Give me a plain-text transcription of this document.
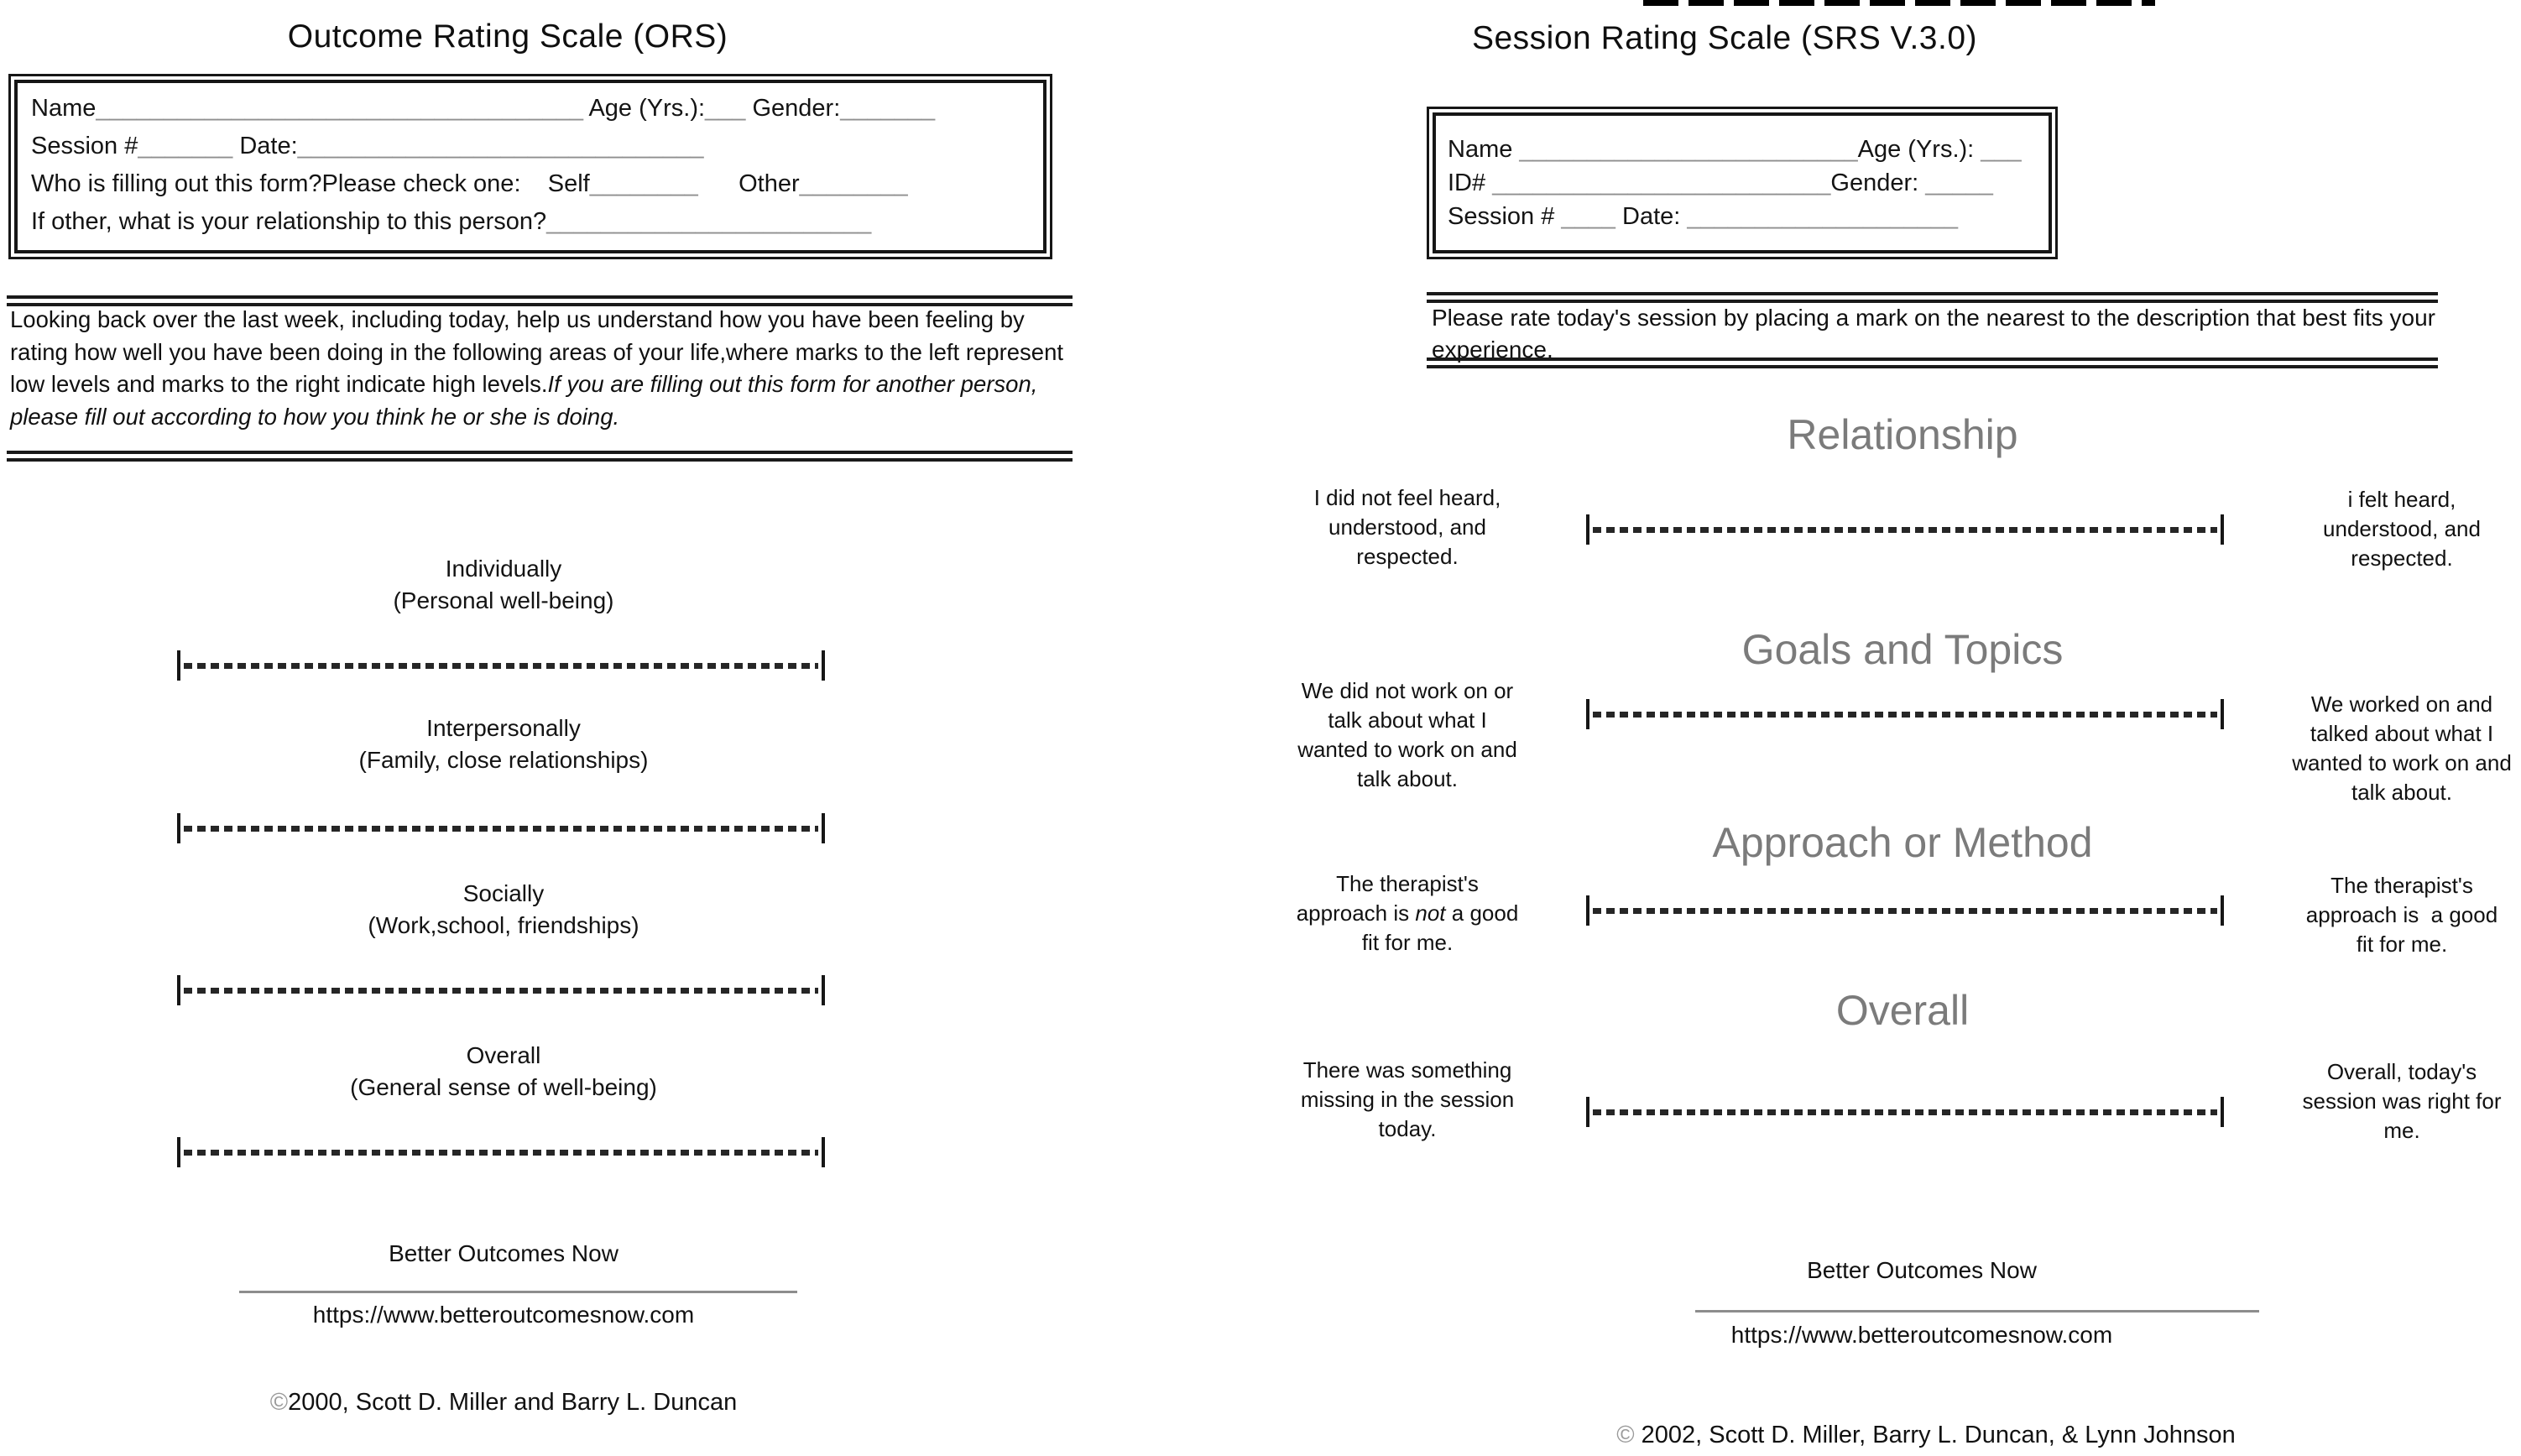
Outcome Rating Scale (ORS)
Name____________________________________ Age (Yrs.):___ Gender:_______
Session #_______ Date:______________________________
Who is filling out this form?Please check one:    Self________      Other________
If other, what is your relationship to this person?________________________
Looking back over the last week, including today, help us understand how you have been feeling by rating how well you have been doing in the following areas of your life,where marks to the left represent low levels and marks to the right indicate high levels.If you are filling out this form for another person, please fill out according to how you think he or she is doing.
Individually
(Personal well-being)
Interpersonally
(Family, close relationships)
Socially
(Work,school, friendships)
Overall
(General sense of well-being)
Better Outcomes Now
https://www.betteroutcomesnow.com
©2000, Scott D. Miller and Barry L. Duncan
Session Rating Scale (SRS V.3.0)
Name _________________________Age (Yrs.): ___
ID# _________________________Gender: _____
Session # ____ Date: ____________________
Please rate today's session by placing a mark on the nearest to the description that best fits your experience.
Relationship
I did not feel heard,
understood, and
respected.
i felt heard,
understood, and
respected.
Goals and Topics
We did not work on or
talk about what I
wanted to work on and
talk about.
We worked on and
talked about what I
wanted to work on and
talk about.
Approach or Method
The therapist's
approach is not a good
fit for me.
The therapist's
approach is  a good
fit for me.
Overall
There was something
missing in the session
today.
Overall, today's
session was right for
me.
Better Outcomes Now
https://www.betteroutcomesnow.com
© 2002, Scott D. Miller, Barry L. Duncan, & Lynn Johnson
